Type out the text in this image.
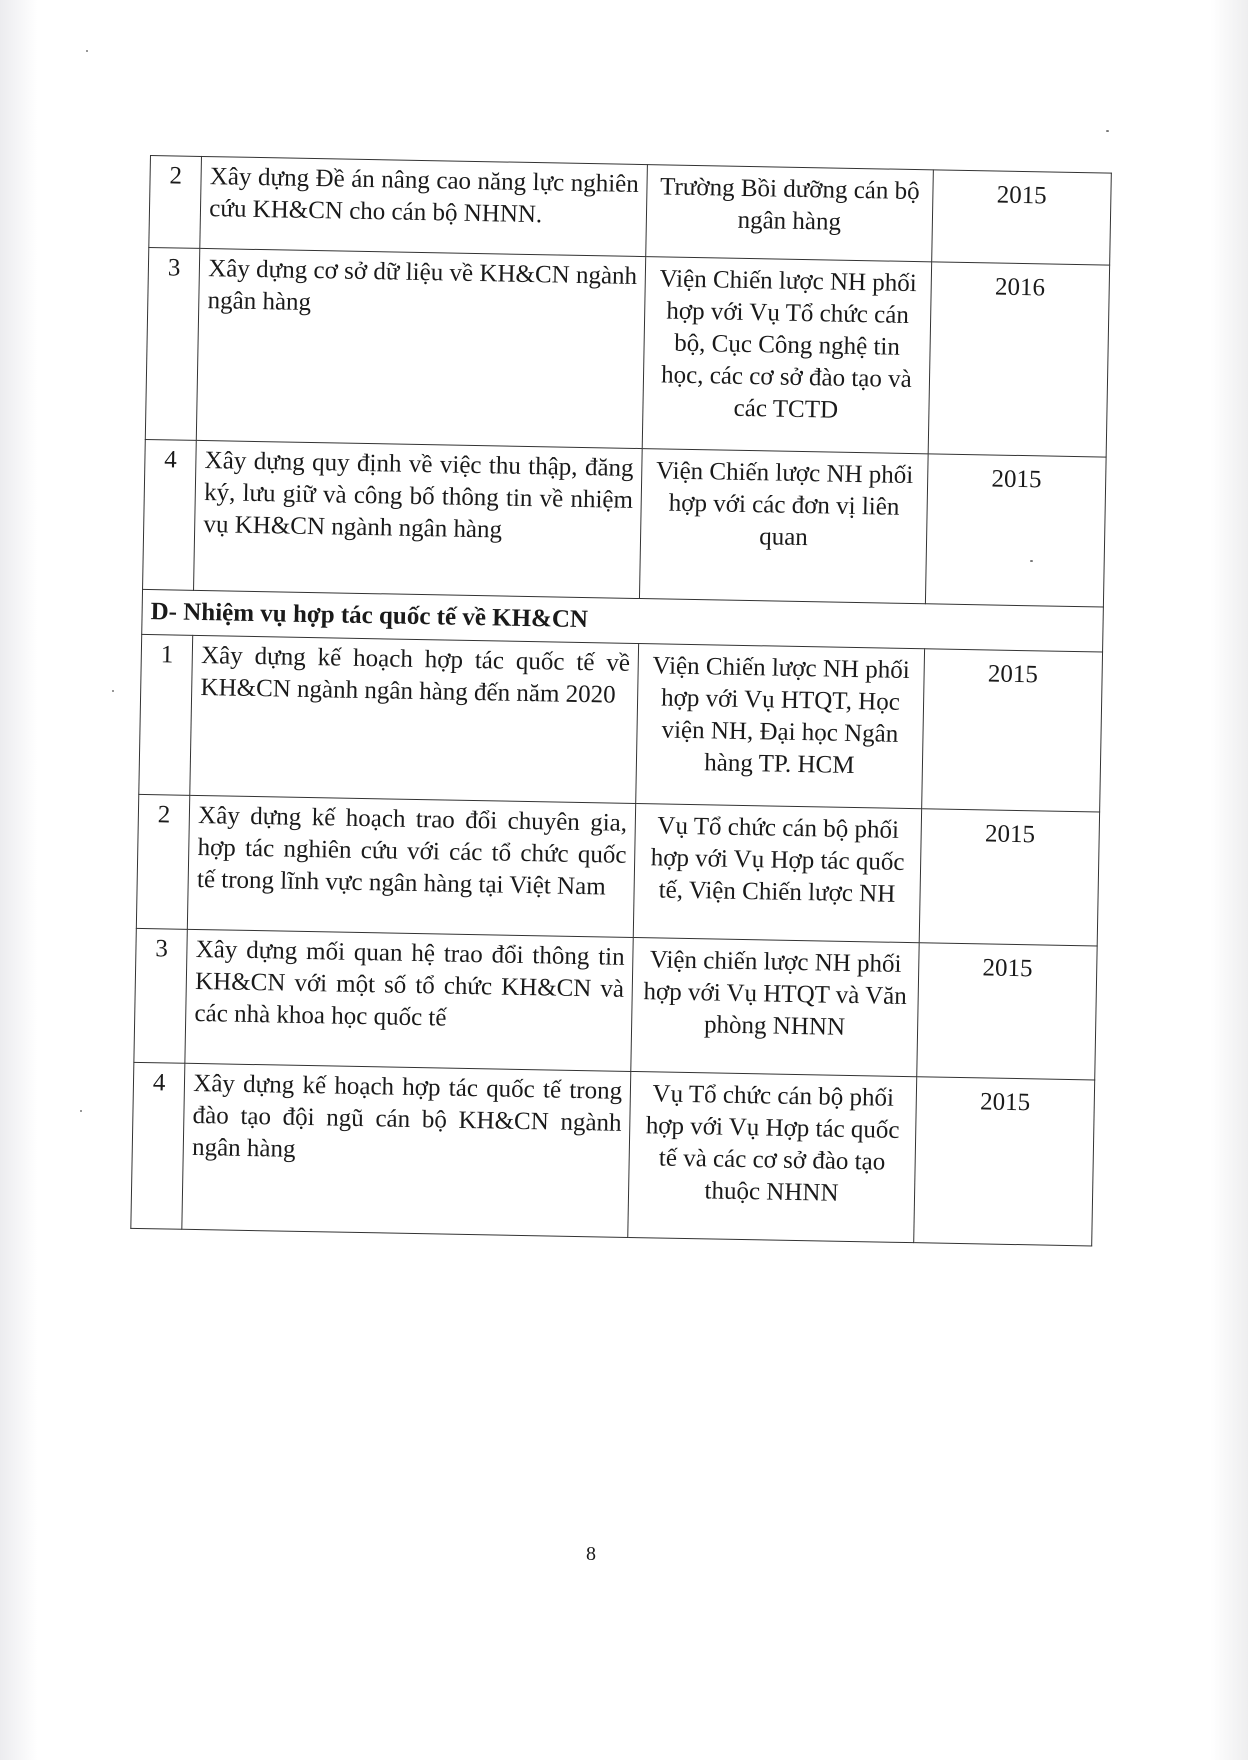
2	Xây dựng Đề án nâng cao năng lực nghiên cứu KH&CN cho cán bộ NHNN.	Trường Bồi dưỡng cán bộ ngân hàng	2015
3	Xây dựng cơ sở dữ liệu về KH&CN ngành ngân hàng	Viện Chiến lược NH phối hợp với Vụ Tổ chức cán bộ, Cục Công nghệ tin học, các cơ sở đào tạo và các TCTD	2016
4	Xây dựng quy định về việc thu thập, đăng ký, lưu giữ và công bố thông tin về nhiệm vụ KH&CN ngành ngân hàng	Viện Chiến lược NH phối hợp với các đơn vị liên quan	2015
D- Nhiệm vụ hợp tác quốc tế về KH&CN			
1	Xây dựng kế hoạch hợp tác quốc tế về KH&CN ngành ngân hàng đến năm 2020	Viện Chiến lược NH phối hợp với Vụ HTQT, Học viện NH, Đại học Ngân hàng TP. HCM	2015
2	Xây dựng kế hoạch trao đổi chuyên gia, hợp tác nghiên cứu với các tổ chức quốc tế trong lĩnh vực ngân hàng tại Việt Nam	Vụ Tổ chức cán bộ phối hợp với Vụ Hợp tác quốc tế, Viện Chiến lược NH	2015
3	Xây dựng mối quan hệ trao đổi thông tin KH&CN với một số tổ chức KH&CN và các nhà khoa học quốc tế	Viện chiến lược NH phối hợp với Vụ HTQT và Văn phòng NHNN	2015
4	Xây dựng kế hoạch hợp tác quốc tế trong đào tạo đội ngũ cán bộ KH&CN ngành ngân hàng	Vụ Tổ chức cán bộ phối hợp với Vụ Hợp tác quốc tế và các cơ sở đào tạo thuộc NHNN	2015
8
